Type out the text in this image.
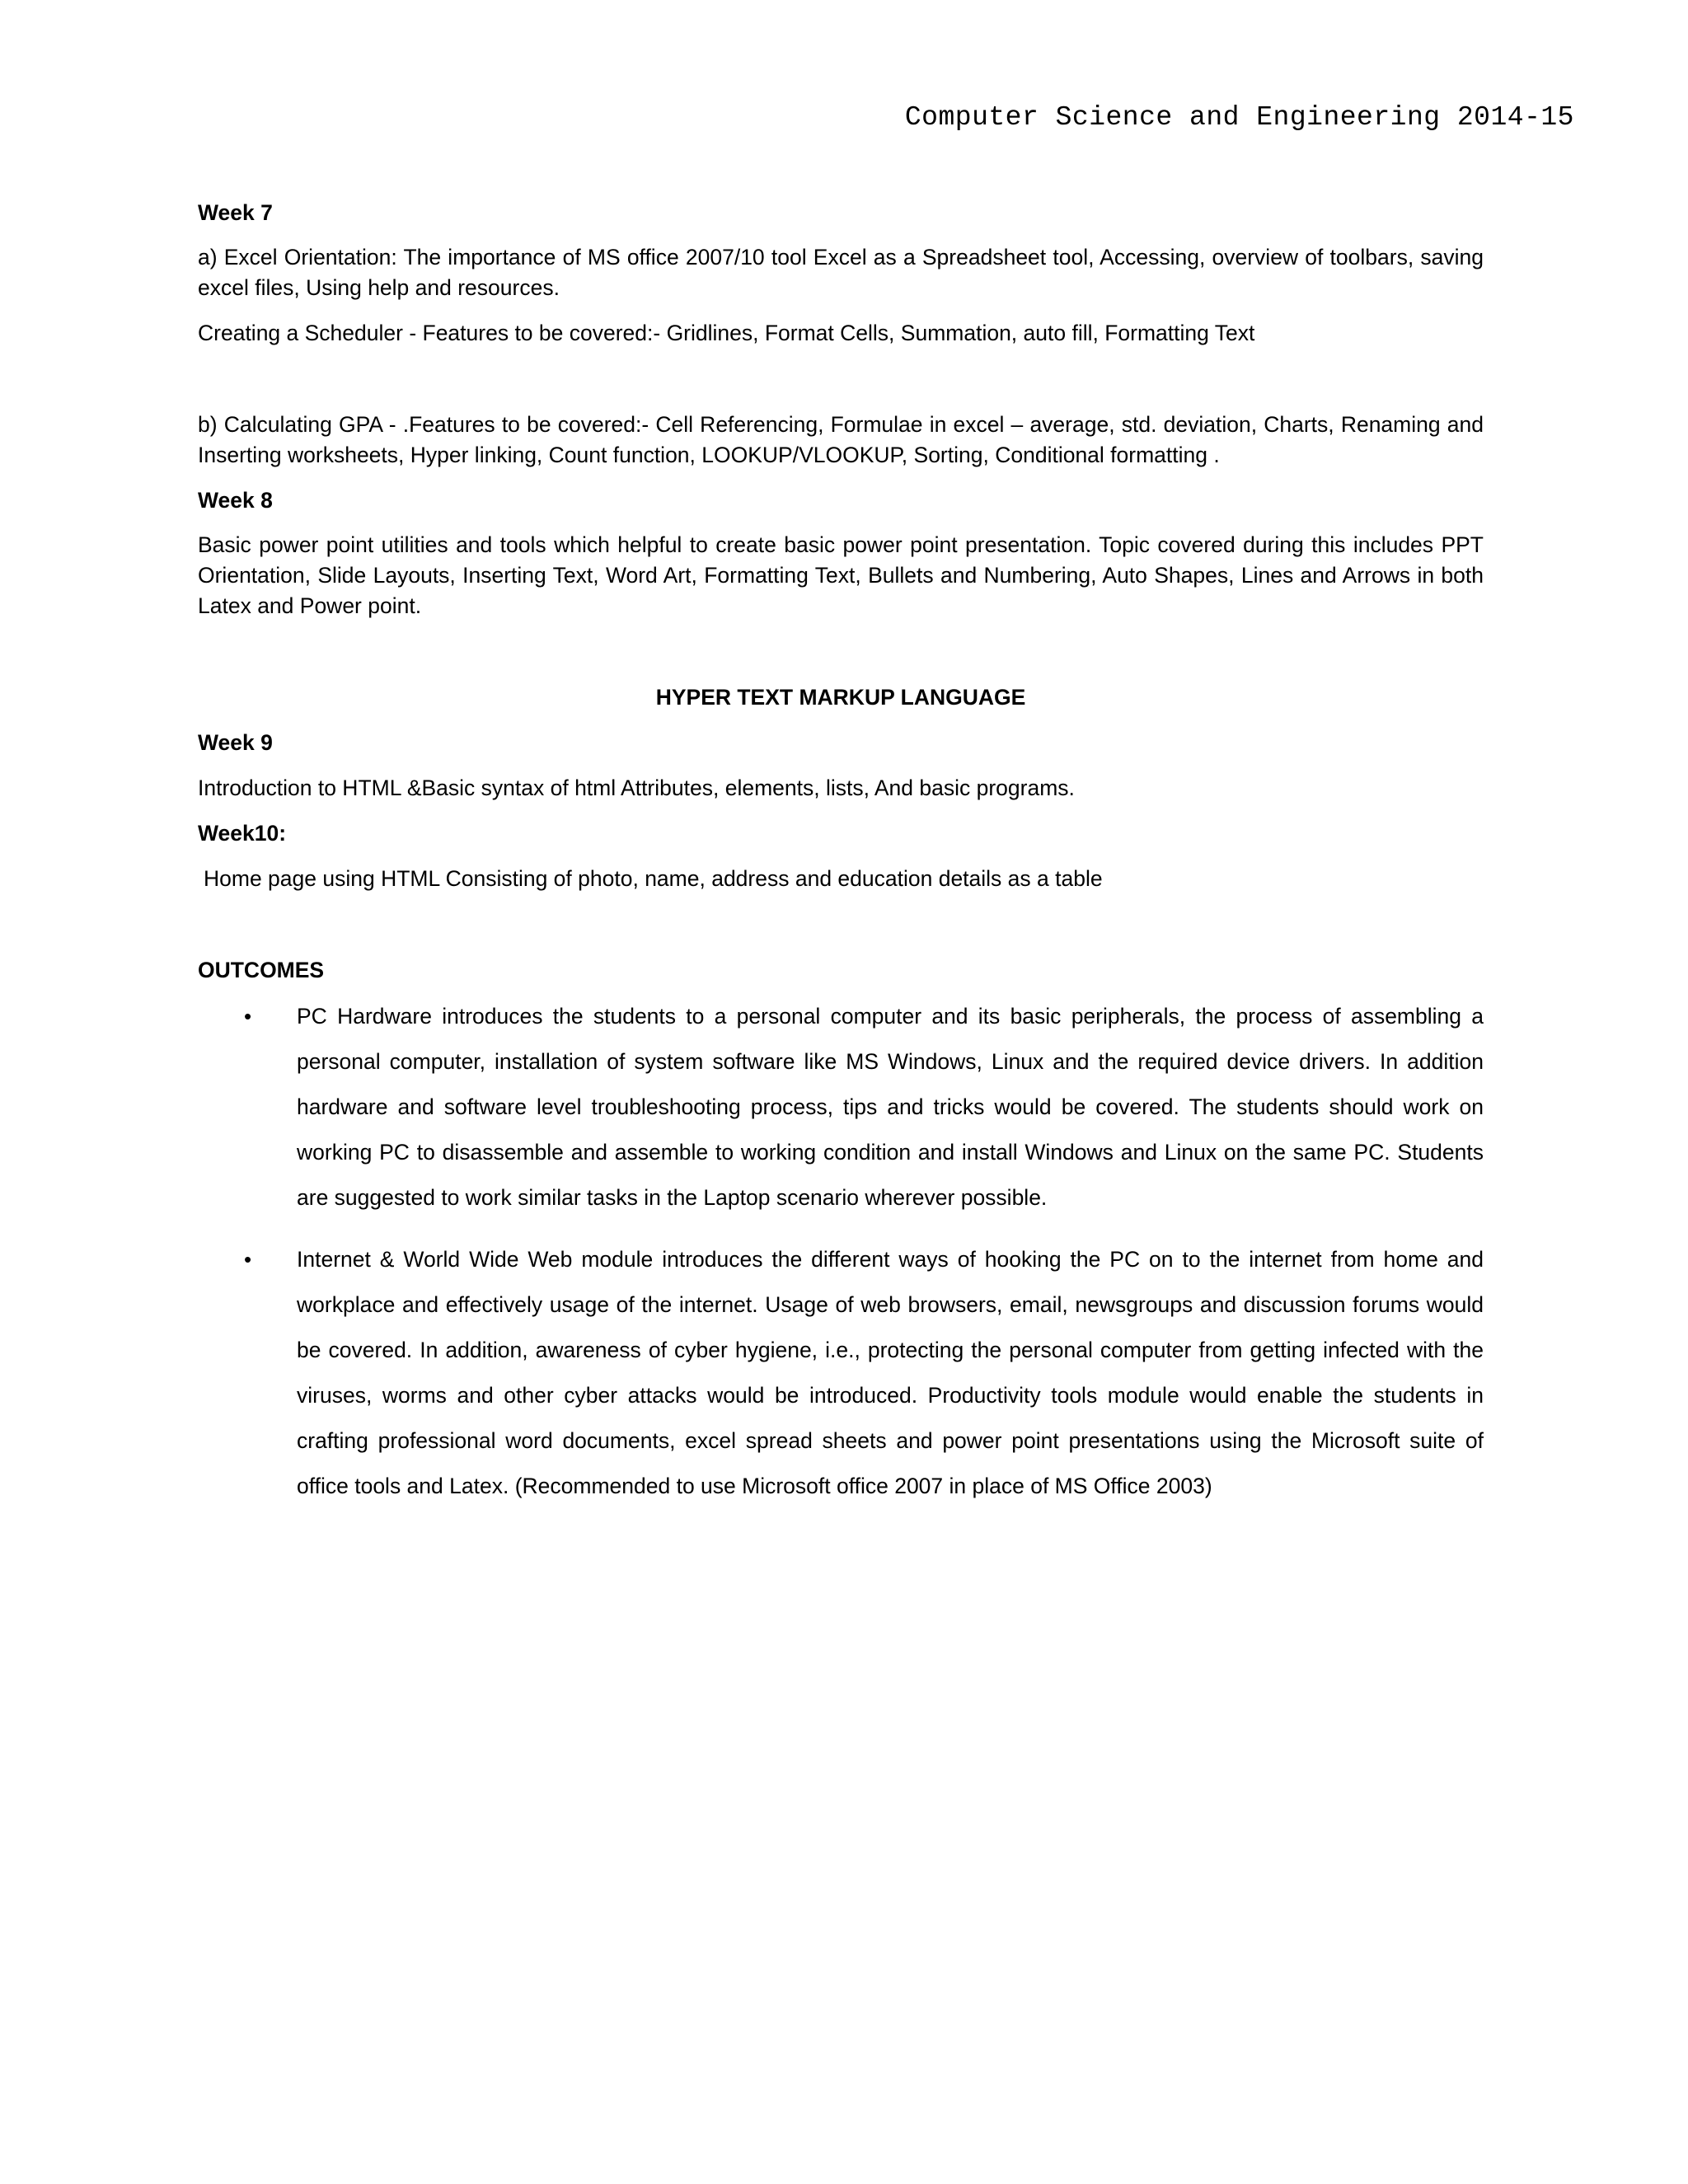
Computer Science and Engineering 2014-15
Week 7

a) Excel Orientation: The importance of MS office 2007/10 tool Excel as a Spreadsheet tool, Accessing, overview of toolbars, saving excel files, Using help and resources.

Creating a Scheduler - Features to be covered:- Gridlines, Format Cells, Summation, auto fill, Formatting Text

b) Calculating GPA - .Features to be covered:- Cell Referencing, Formulae in excel – average, std. deviation, Charts, Renaming and Inserting worksheets, Hyper linking, Count function, LOOKUP/VLOOKUP, Sorting, Conditional formatting .

Week 8

Basic power point utilities and tools which helpful to create basic power point presentation. Topic covered during this includes PPT Orientation, Slide Layouts, Inserting Text, Word Art, Formatting Text, Bullets and Numbering, Auto Shapes, Lines and Arrows in both Latex and Power point.

HYPER TEXT MARKUP LANGUAGE
Week 9

Introduction to HTML &Basic syntax of html Attributes, elements, lists, And basic programs.

Week10:

Home page using HTML Consisting of photo, name, address and education details as a table

OUTCOMES
• PC Hardware introduces the students to a personal computer and its basic peripherals, the process of assembling a personal computer, installation of system software like MS Windows, Linux and the required device drivers. In addition hardware and software level troubleshooting process, tips and tricks would be covered. The students should work on working PC to disassemble and assemble to working condition and install Windows and Linux on the same PC. Students are suggested to work similar tasks in the Laptop scenario wherever possible.
• Internet & World Wide Web module introduces the different ways of hooking the PC on to the internet from home and workplace and effectively usage of the internet. Usage of web browsers, email, newsgroups and discussion forums would be covered. In addition, awareness of cyber hygiene, i.e., protecting the personal computer from getting infected with the viruses, worms and other cyber attacks would be introduced. Productivity tools module would enable the students in crafting professional word documents, excel spread sheets and power point presentations using the Microsoft suite of office tools and Latex. (Recommended to use Microsoft office 2007 in place of MS Office 2003)
